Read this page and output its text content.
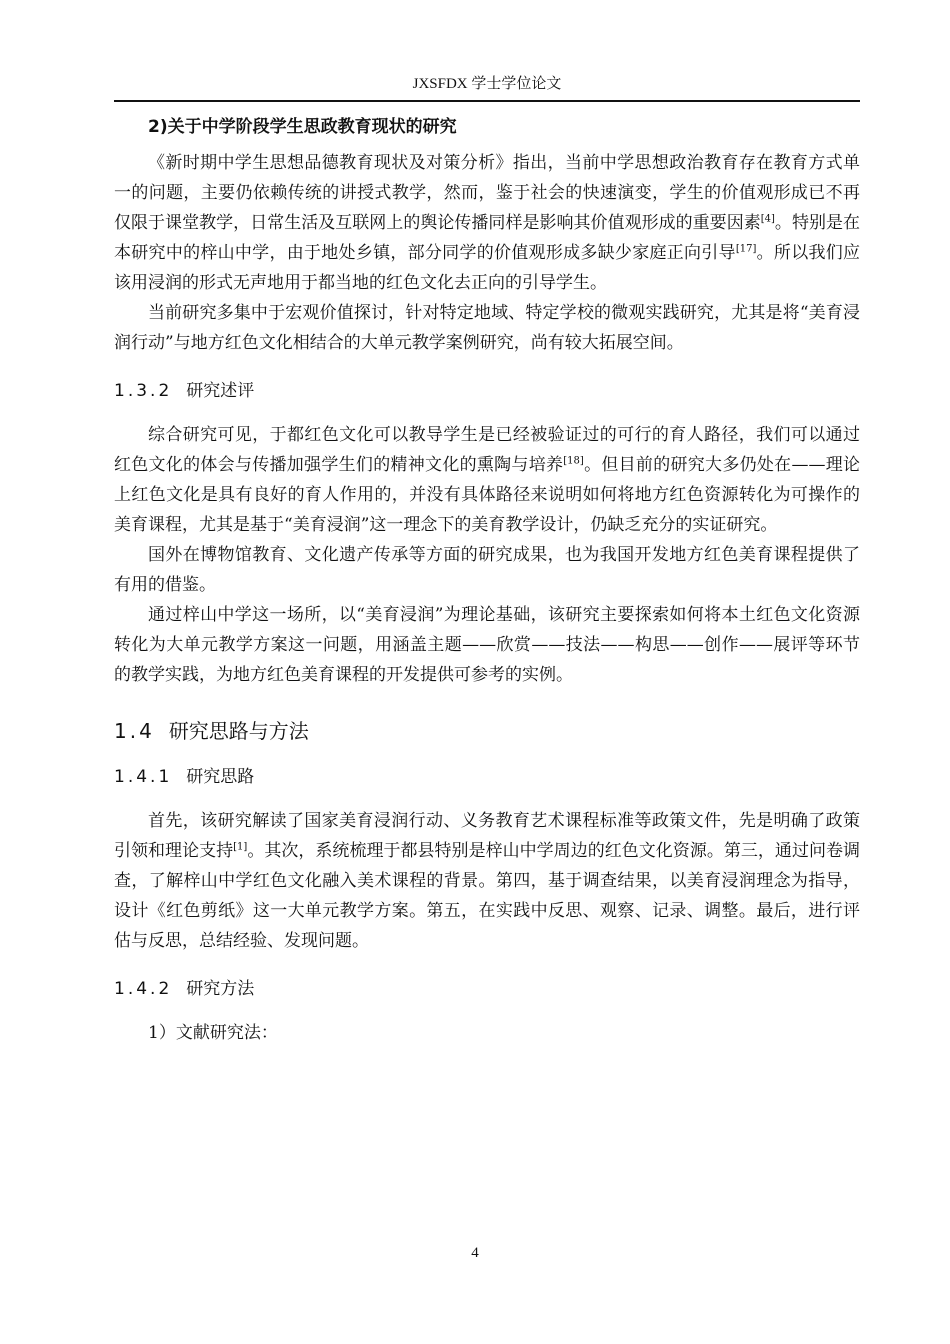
JXSFDX 学士学位论文
2)关于中学阶段学生思政教育现状的研究

《新时期中学生思想品德教育现状及对策分析》指出，当前中学思想政治教育存在教育方式单一的问题，主要仍依赖传统的讲授式教学，然而，鉴于社会的快速演变，学生的价值观形成已不再仅限于课堂教学，日常生活及互联网上的舆论传播同样是影响其价值观形成的重要因素[4]。特别是在本研究中的梓山中学，由于地处乡镇，部分同学的价值观形成多缺少家庭正向引导[17]。所以我们应该用浸润的形式无声地用于都当地的红色文化去正向的引导学生。

当前研究多集中于宏观价值探讨，针对特定地域、特定学校的微观实践研究，尤其是将“美育浸润行动”与地方红色文化相结合的大单元教学案例研究，尚有较大拓展空间。

1.3.2 研究述评

综合研究可见，于都红色文化可以教导学生是已经被验证过的可行的育人路径，我们可以通过红色文化的体会与传播加强学生们的精神文化的熏陶与培养[18]。但目前的研究大多仍处在——理论上红色文化是具有良好的育人作用的，并没有具体路径来说明如何将地方红色资源转化为可操作的美育课程，尤其是基于“美育浸润”这一理念下的美育教学设计，仍缺乏充分的实证研究。

国外在博物馆教育、文化遗产传承等方面的研究成果，也为我国开发地方红色美育课程提供了有用的借鉴。

通过梓山中学这一场所，以“美育浸润”为理论基础，该研究主要探索如何将本土红色文化资源转化为大单元教学方案这一问题，用涵盖主题——欣赏——技法——构思——创作——展评等环节的教学实践，为地方红色美育课程的开发提供可参考的实例。

1.4 研究思路与方法
1.4.1 研究思路

首先，该研究解读了国家美育浸润行动、义务教育艺术课程标准等政策文件，先是明确了政策引领和理论支持[1]。其次，系统梳理于都县特别是梓山中学周边的红色文化资源。第三，通过问卷调查，了解梓山中学红色文化融入美术课程的背景。第四，基于调查结果，以美育浸润理念为指导，设计《红色剪纸》这一大单元教学方案。第五，在实践中反思、观察、记录、调整。最后，进行评估与反思，总结经验、发现问题。

1.4.2 研究方法

1）文献研究法：

4
